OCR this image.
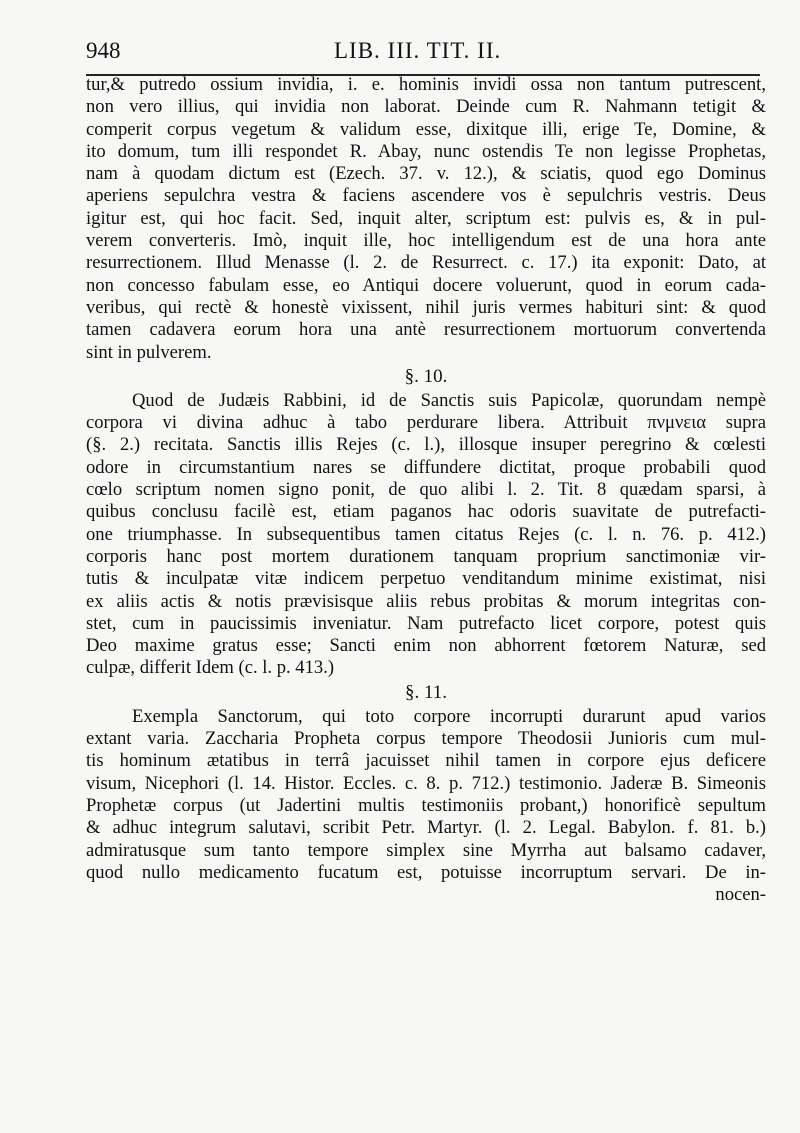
948	LIB. III. TIT. II.
tur,& putredo ossium invidia, i. e. hominis invidi ossa non tantum putrescent,
non vero illius, qui invidia non laborat. Deinde cum R. Nahmann tetigit &
comperit corpus vegetum & validum esse, dixitque illi, erige Te, Domine, &
ito domum, tum illi respondet R. Abay, nunc ostendis Te non legisse Prophetas,
nam à quodam dictum est (Ezech. 37. v. 12.), & sciatis, quod ego Dominus
aperiens sepulchra vestra & faciens ascendere vos è sepulchris vestris. Deus
igitur est, qui hoc facit. Sed, inquit alter, scriptum est: pulvis es, & in pul-
verem converteris. Imò, inquit ille, hoc intelligendum est de una hora ante
resurrectionem. Illud Menasse (l. 2. de Resurrect. c. 17.) ita exponit: Dato, at
non concesso fabulam esse, eo Antiqui docere voluerunt, quod in eorum cada-
veribus, qui rectè & honestè vixissent, nihil juris vermes habituri sint: & quod
tamen cadavera eorum hora una antè resurrectionem mortuorum convertenda
sint in pulverem.
§. 10.
Quod de Judæis Rabbini, id de Sanctis suis Papicolæ, quorundam nempè
corpora vi divina adhuc à tabo perdurare libera. Attribuit πνμνεια supra
(§. 2.) recitata. Sanctis illis Rejes (c. l.), illosque insuper peregrino & cœlesti
odore in circumstantium nares se diffundere dictitat, proque probabili quod
cœlo scriptum nomen signo ponit, de quo alibi l. 2. Tit. 8 quædam sparsi, à
quibus conclusu facilè est, etiam paganos hac odoris suavitate de putrefacti-
one triumphasse. In subsequentibus tamen citatus Rejes (c. l. n. 76. p. 412.)
corporis hanc post mortem durationem tanquam proprium sanctimoniæ vir-
tutis & inculpatæ vitæ indicem perpetuo venditandum minime existimat, nisi
ex aliis actis & notis prævisisque aliis rebus probitas & morum integritas con-
stet, cum in paucissimis inveniatur. Nam putrefacto licet corpore, potest quis
Deo maxime gratus esse; Sancti enim non abhorrent fœtorem Naturæ, sed
culpæ, differit Idem (c. l. p. 413.)
§. 11.
Exempla Sanctorum, qui toto corpore incorrupti durarunt apud varios
extant varia. Zaccharia Propheta corpus tempore Theodosii Junioris cum mul-
tis hominum ætatibus in terrâ jacuisset nihil tamen in corpore ejus deficere
visum, Nicephori (l. 14. Histor. Eccles. c. 8. p. 712.) testimonio. Jaderæ B. Simeonis
Prophetæ corpus (ut Jadertini multis testimoniis probant,) honorificè sepultum
& adhuc integrum salutavi, scribit Petr. Martyr. (l. 2. Legal. Babylon. f. 81. b.)
admiratusque sum tanto tempore simplex sine Myrrha aut balsamo cadaver,
quod nullo medicamento fucatum est, potuisse incorruptum servari. De in-
nocen-
